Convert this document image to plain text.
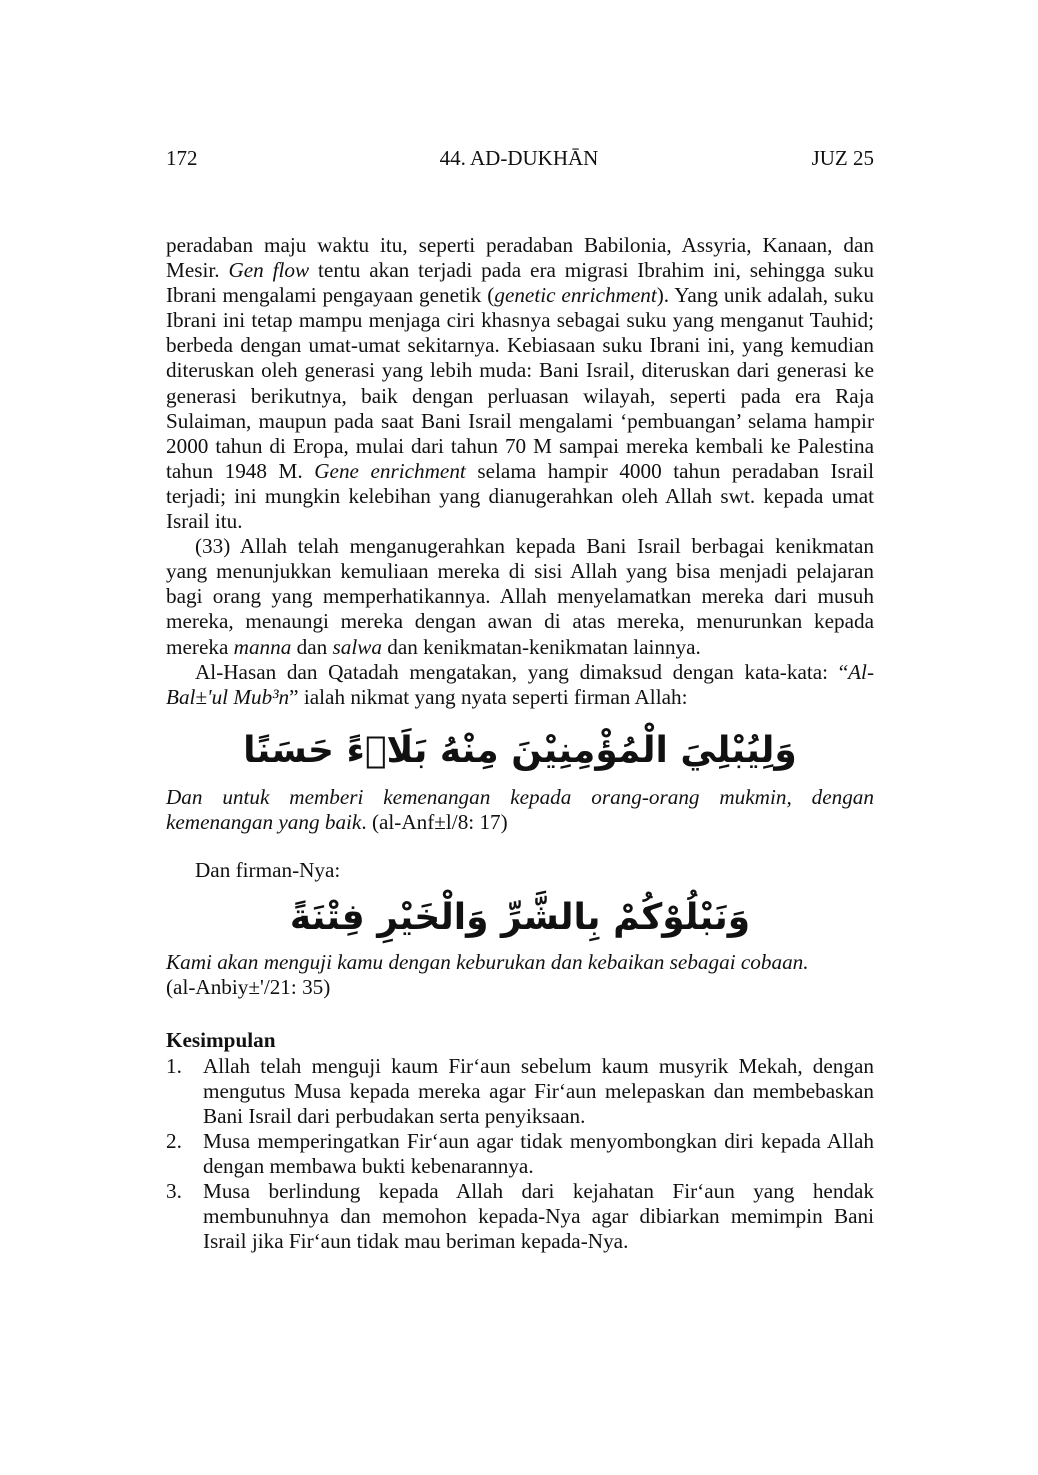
172	44. AD-DUKHĀN	JUZ 25

peradaban maju waktu itu, seperti peradaban Babilonia, Assyria, Kanaan, dan Mesir. Gen flow tentu akan terjadi pada era migrasi Ibrahim ini, sehingga suku Ibrani mengalami pengayaan genetik (genetic enrichment). Yang unik adalah, suku Ibrani ini tetap mampu menjaga ciri khasnya sebagai suku yang menganut Tauhid; berbeda dengan umat-umat sekitarnya. Kebiasaan suku Ibrani ini, yang kemudian diteruskan oleh generasi yang lebih muda: Bani Israil, diteruskan dari generasi ke generasi berikutnya, baik dengan perluasan wilayah, seperti pada era Raja Sulaiman, maupun pada saat Bani Israil mengalami ‘pembuangan’ selama hampir 2000 tahun di Eropa, mulai dari tahun 70 M sampai mereka kembali ke Palestina tahun 1948 M. Gene enrichment selama hampir 4000 tahun peradaban Israil terjadi; ini mungkin kelebihan yang dianugerahkan oleh Allah swt. kepada umat Israil itu.

(33) Allah telah menganugerahkan kepada Bani Israil berbagai kenikmatan yang menunjukkan kemuliaan mereka di sisi Allah yang bisa menjadi pelajaran bagi orang yang memperhatikannya. Allah menyelamatkan mereka dari musuh mereka, menaungi mereka dengan awan di atas mereka, menurunkan kepada mereka manna dan salwa dan kenikmatan-kenikmatan lainnya.

Al-Hasan dan Qatadah mengatakan, yang dimaksud dengan kata-kata: “Al-Bal±'ul Mub³n” ialah nikmat yang nyata seperti firman Allah:

وَلِيُبْلِيَ الْمُؤْمِنِيْنَ مِنْهُ بَلَاۤءً حَسَنًا

Dan untuk memberi kemenangan kepada orang-orang mukmin, dengan kemenangan yang baik. (al-Anf±l/8: 17)

Dan firman-Nya:

وَنَبْلُوْكُمْ بِالشَّرِّ وَالْخَيْرِ فِتْنَةً

Kami akan menguji kamu dengan keburukan dan kebaikan sebagai cobaan.
(al-Anbiy±'/21: 35)

Kesimpulan

1. Allah telah menguji kaum Fir‘aun sebelum kaum musyrik Mekah, dengan mengutus Musa kepada mereka agar Fir‘aun melepaskan dan membebaskan Bani Israil dari perbudakan serta penyiksaan.
2. Musa memperingatkan Fir‘aun agar tidak menyombongkan diri kepada Allah dengan membawa bukti kebenarannya.
3. Musa berlindung kepada Allah dari kejahatan Fir‘aun yang hendak membunuhnya dan memohon kepada-Nya agar dibiarkan memimpin Bani Israil jika Fir‘aun tidak mau beriman kepada-Nya.
